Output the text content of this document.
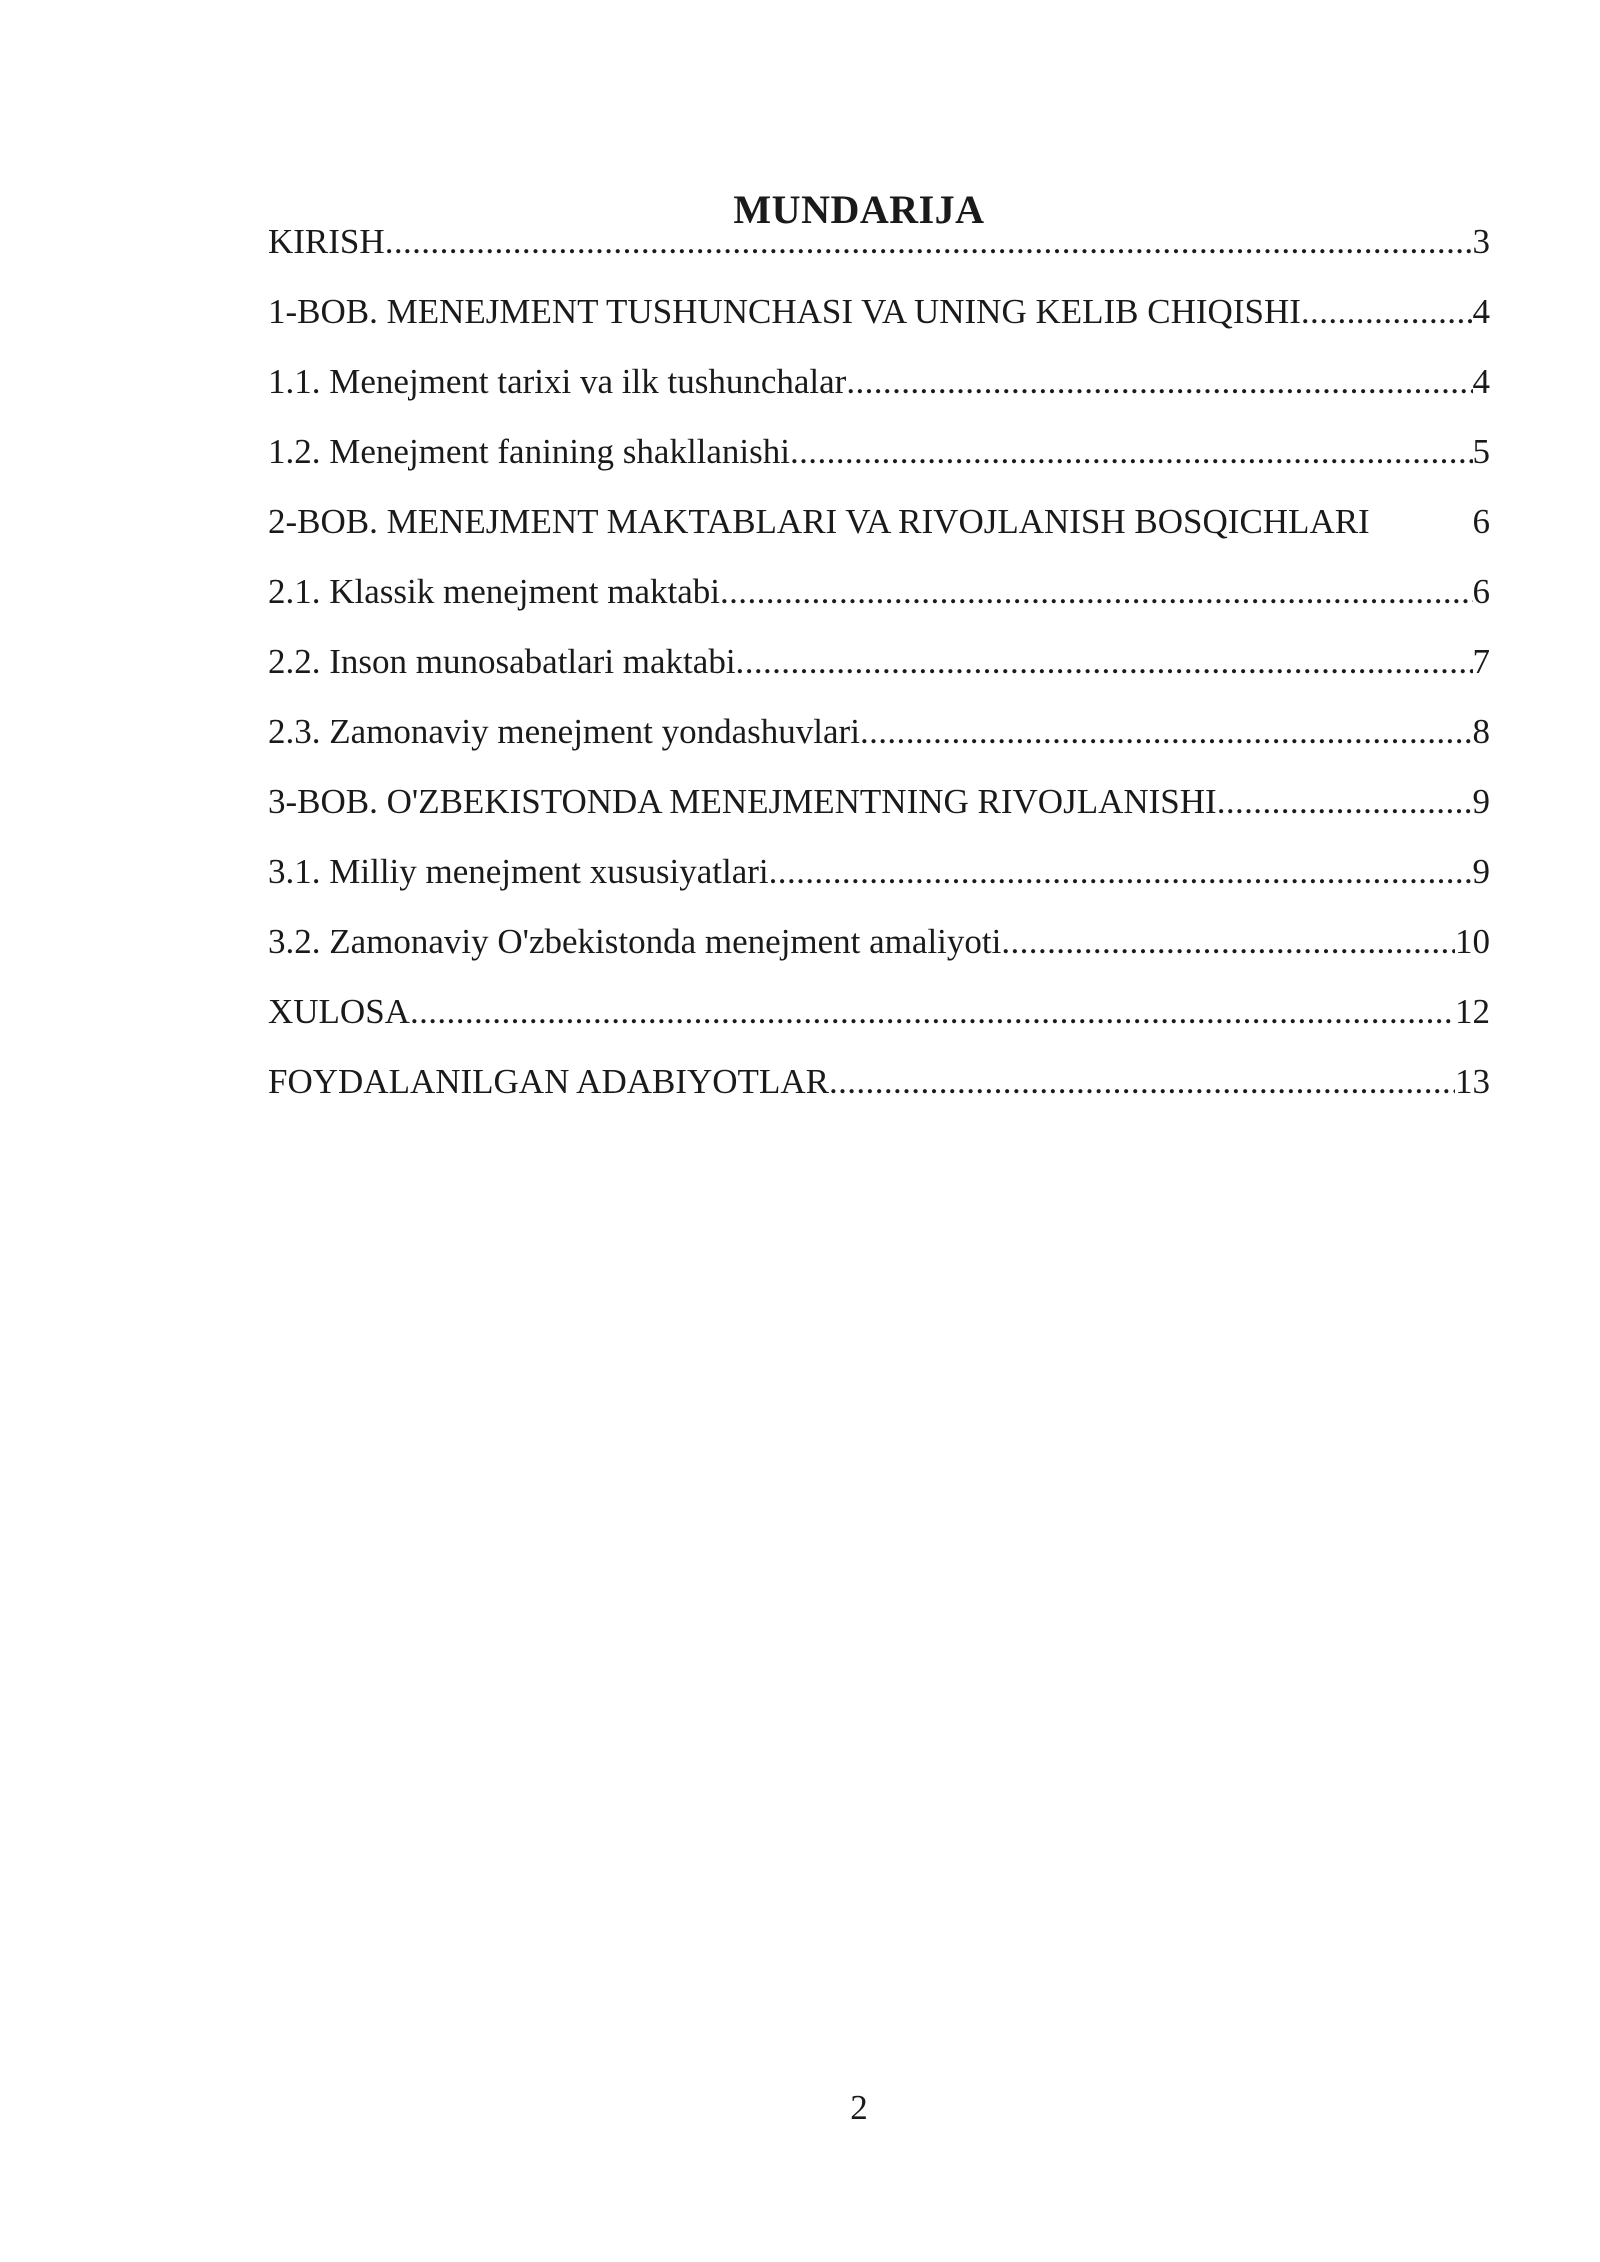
MUNDARIJA
KIRISH .....	3
1-BOB. MENEJMENT TUSHUNCHASI VA UNING KELIB CHIQISHI .....	4
1.1. Menejment tarixi va ilk tushunchalar .....	4
1.2. Menejment fanining shakllanishi .....	5
2-BOB. MENEJMENT MAKTABLARI VA RIVOJLANISH BOSQICHLARI	6
2.1. Klassik menejment maktabi .....	6
2.2. Inson munosabatlari maktabi .....	7
2.3. Zamonaviy menejment yondashuvlari .....	8
3-BOB. O'ZBEKISTONDA MENEJMENTNING RIVOJLANISHI .....	9
3.1. Milliy menejment xususiyatlari .....	9
3.2. Zamonaviy O'zbekistonda menejment amaliyoti .....	10
XULOSA .....	12
FOYDALANILGAN ADABIYOTLAR .....	13
2
